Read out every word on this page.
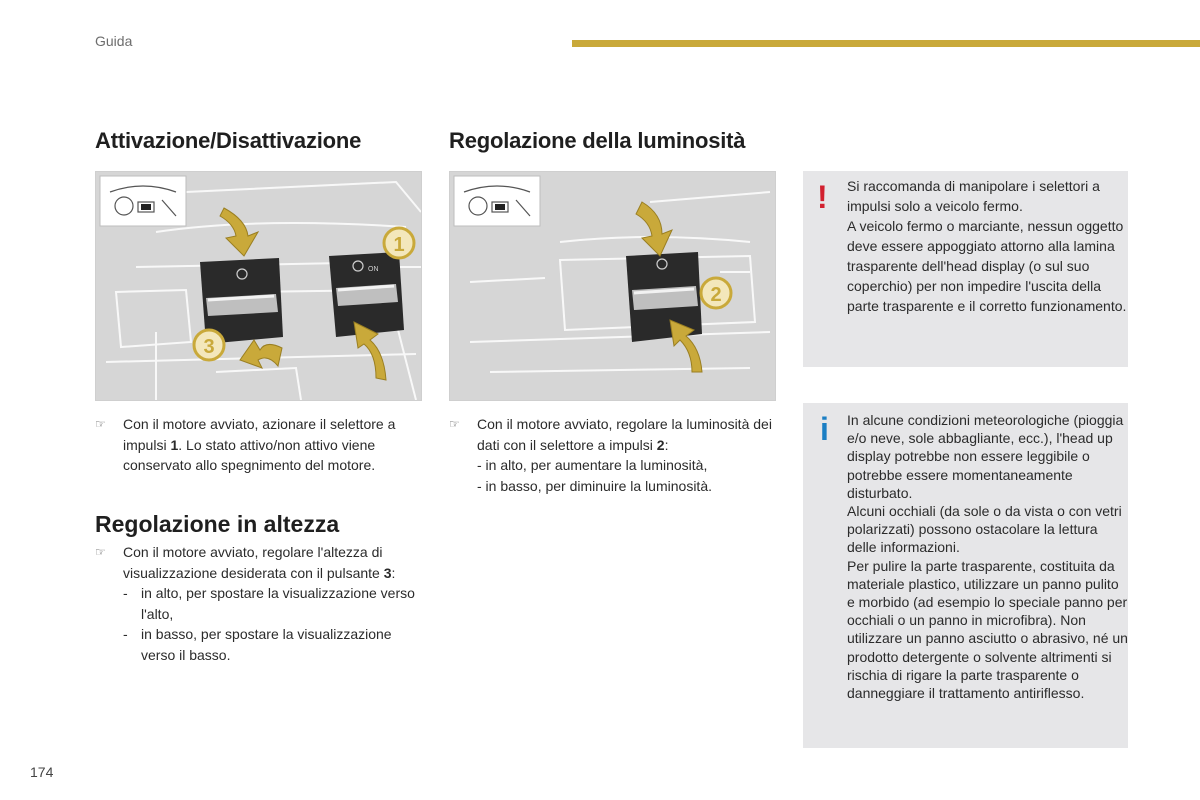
Guida
Attivazione/Disattivazione
ON
1
3
☞ Con il motore avviato, azionare il selettore a impulsi 1. Lo stato attivo/non attivo viene conservato allo spegnimento del motore.
Regolazione in altezza
☞ Con il motore avviato, regolare l'altezza di visualizzazione desiderata con il pulsante 3:
- in alto, per spostare la visualizzazione verso l'alto,
- in basso, per spostare la visualizzazione verso il basso.
Regolazione della luminosità
2
☞ Con il motore avviato, regolare la luminosità dei dati con il selettore a impulsi 2:
- in alto, per aumentare la luminosità,
- in basso, per diminuire la luminosità.
! Si raccomanda di manipolare i selettori a impulsi solo a veicolo fermo.
A veicolo fermo o marciante, nessun oggetto deve essere appoggiato attorno alla lamina trasparente dell'head display (o sul suo coperchio) per non impedire l'uscita della parte trasparente e il corretto funzionamento.
i In alcune condizioni meteorologiche (pioggia e/o neve, sole abbagliante, ecc.), l'head up display potrebbe non essere leggibile o potrebbe essere momentaneamente disturbato.
Alcuni occhiali (da sole o da vista o con vetri polarizzati) possono ostacolare la lettura delle informazioni.
Per pulire la parte trasparente, costituita da materiale plastico, utilizzare un panno pulito e morbido (ad esempio lo speciale panno per occhiali o un panno in microfibra). Non utilizzare un panno asciutto o abrasivo, né un prodotto detergente o solvente altrimenti si rischia di rigare la parte trasparente o danneggiare il trattamento antiriflesso.
174
